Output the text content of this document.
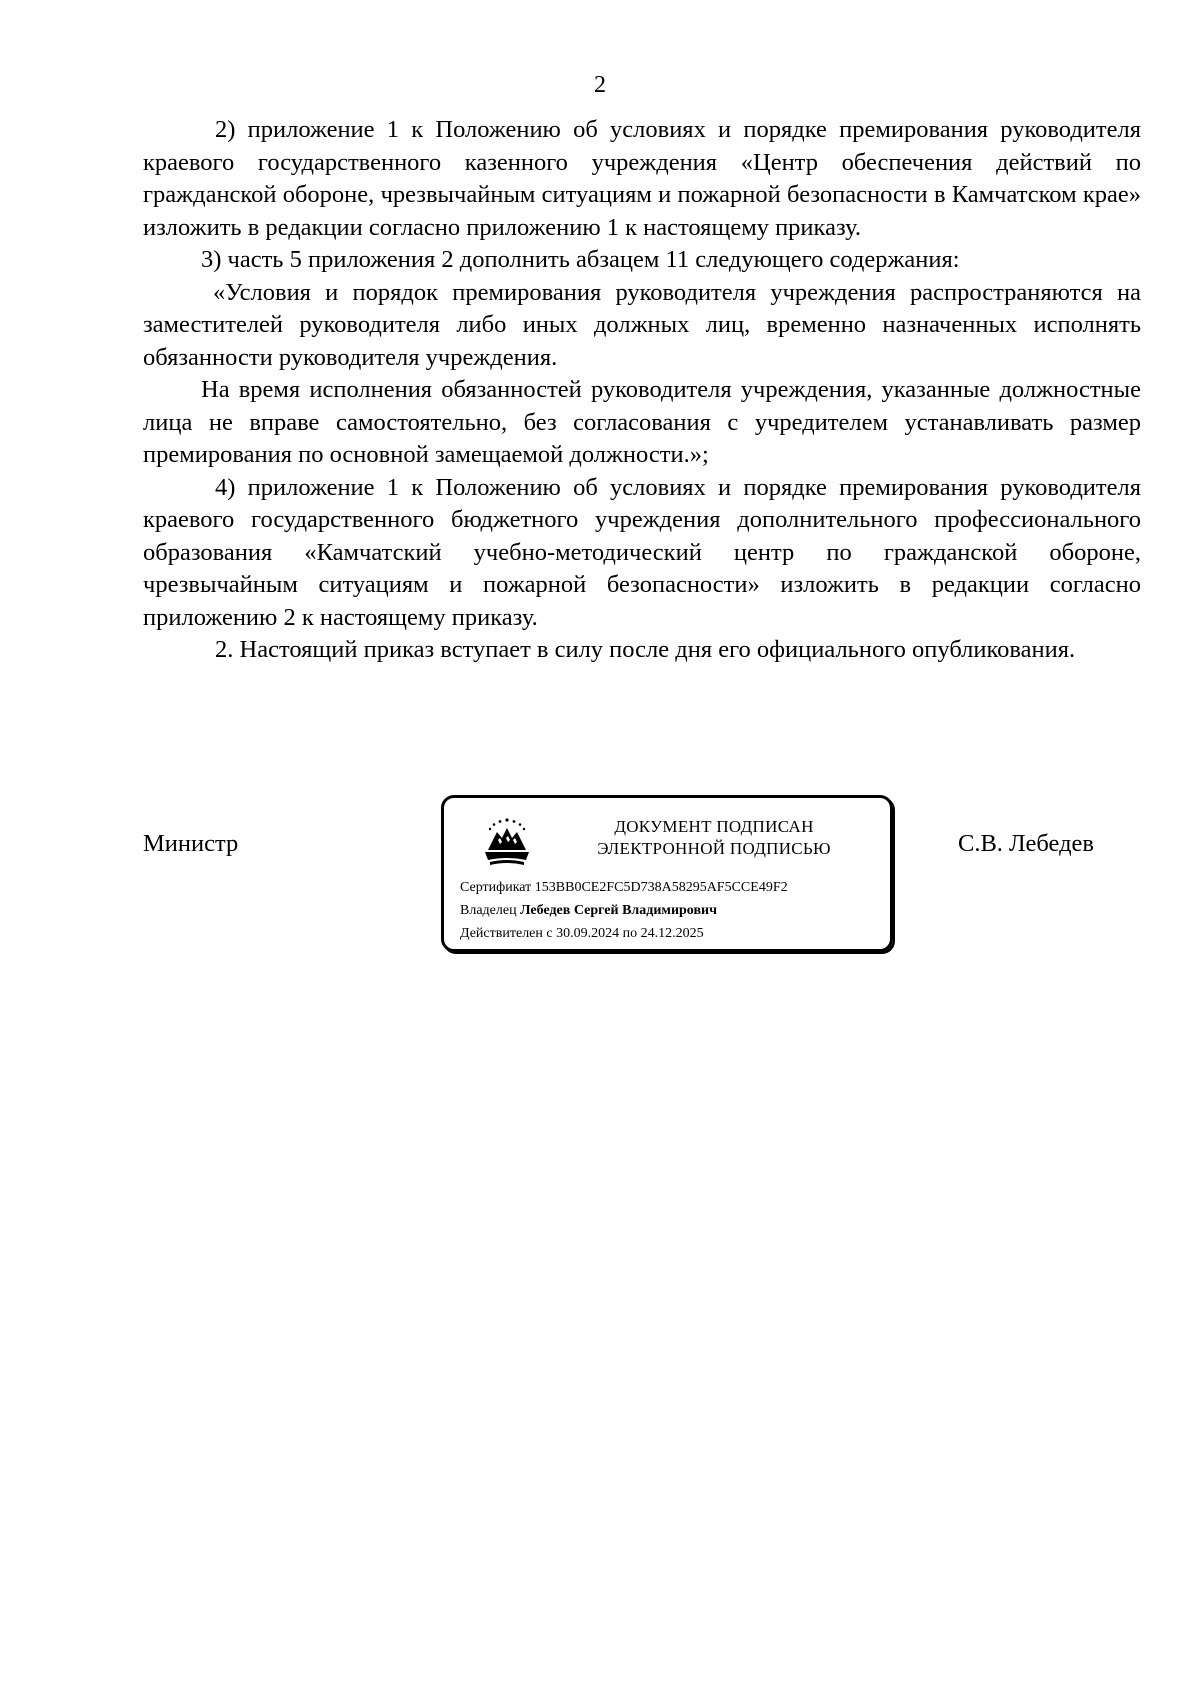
2

2) приложение 1 к Положению об условиях и порядке премирования руководителя краевого государственного казенного учреждения «Центр обеспечения действий по гражданской обороне, чрезвычайным ситуациям и пожарной безопасности в Камчатском крае» изложить в редакции согласно приложению 1 к настоящему приказу.

3) часть 5 приложения 2 дополнить абзацем 11 следующего содержания:

«Условия и порядок премирования руководителя учреждения распространяются на заместителей руководителя либо иных должных лиц, временно назначенных исполнять обязанности руководителя учреждения.

На время исполнения обязанностей руководителя учреждения, указанные должностные лица не вправе самостоятельно, без согласования с учредителем устанавливать размер премирования по основной замещаемой должности.»;

4) приложение 1 к Положению об условиях и порядке премирования руководителя краевого государственного бюджетного учреждения дополнительного профессионального образования «Камчатский учебно-методический центр по гражданской обороне, чрезвычайным ситуациям и пожарной безопасности» изложить в редакции согласно приложению 2 к настоящему приказу.

2. Настоящий приказ вступает в силу после дня его официального опубликования.

Министр	С.В. Лебедев
ДОКУМЕНТ ПОДПИСАН
ЭЛЕКТРОННОЙ ПОДПИСЬЮ
Сертификат 153BB0CE2FC5D738A58295AF5CCE49F2
Владелец Лебедев Сергей Владимирович
Действителен с 30.09.2024 по 24.12.2025
